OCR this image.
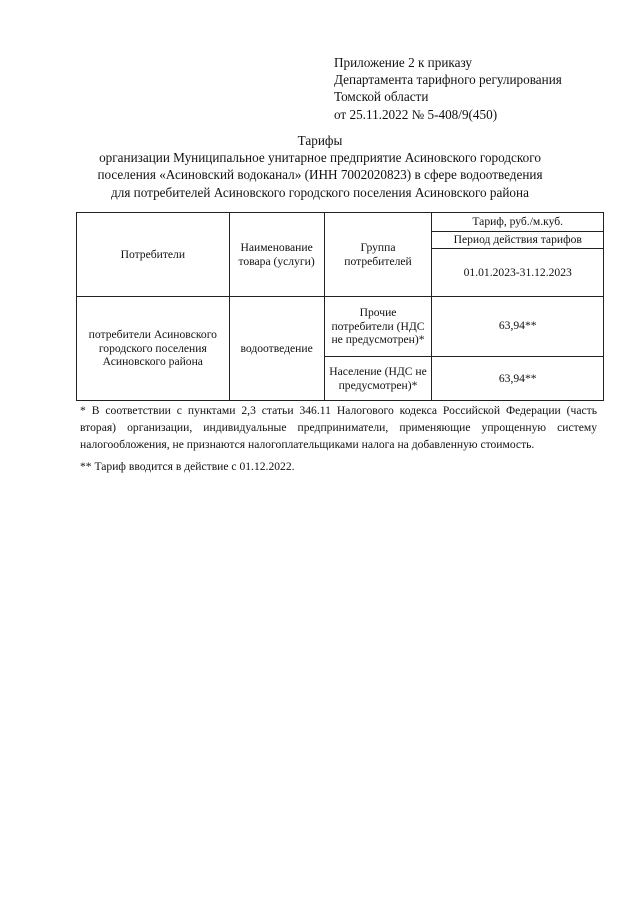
Приложение 2 к приказу
Департамента тарифного регулирования
Томской области
от 25.11.2022 № 5-408/9(450)
Тарифы
организации Муниципальное унитарное предприятие Асиновского городского
поселения «Асиновский водоканал» (ИНН 7002020823) в сфере водоотведения
для потребителей Асиновского городского поселения Асиновского района
Потребители	Наименование товара (услуги)	Группа потребителей	Тариф, руб./м.куб.
			Период действия тарифов
			01.01.2023-31.12.2023
потребители Асиновского городского поселения Асиновского района	водоотведение	Прочие потребители (НДС не предусмотрен)*	63,94**
		Население (НДС не предусмотрен)*	63,94**

* В соответствии с пунктами 2,3 статьи 346.11 Налогового кодекса Российской Федерации (часть вторая) организации, индивидуальные предприниматели, применяющие упрощенную систему налогообложения, не признаются налогоплательщиками налога на добавленную стоимость.

** Тариф вводится в действие с 01.12.2022.
